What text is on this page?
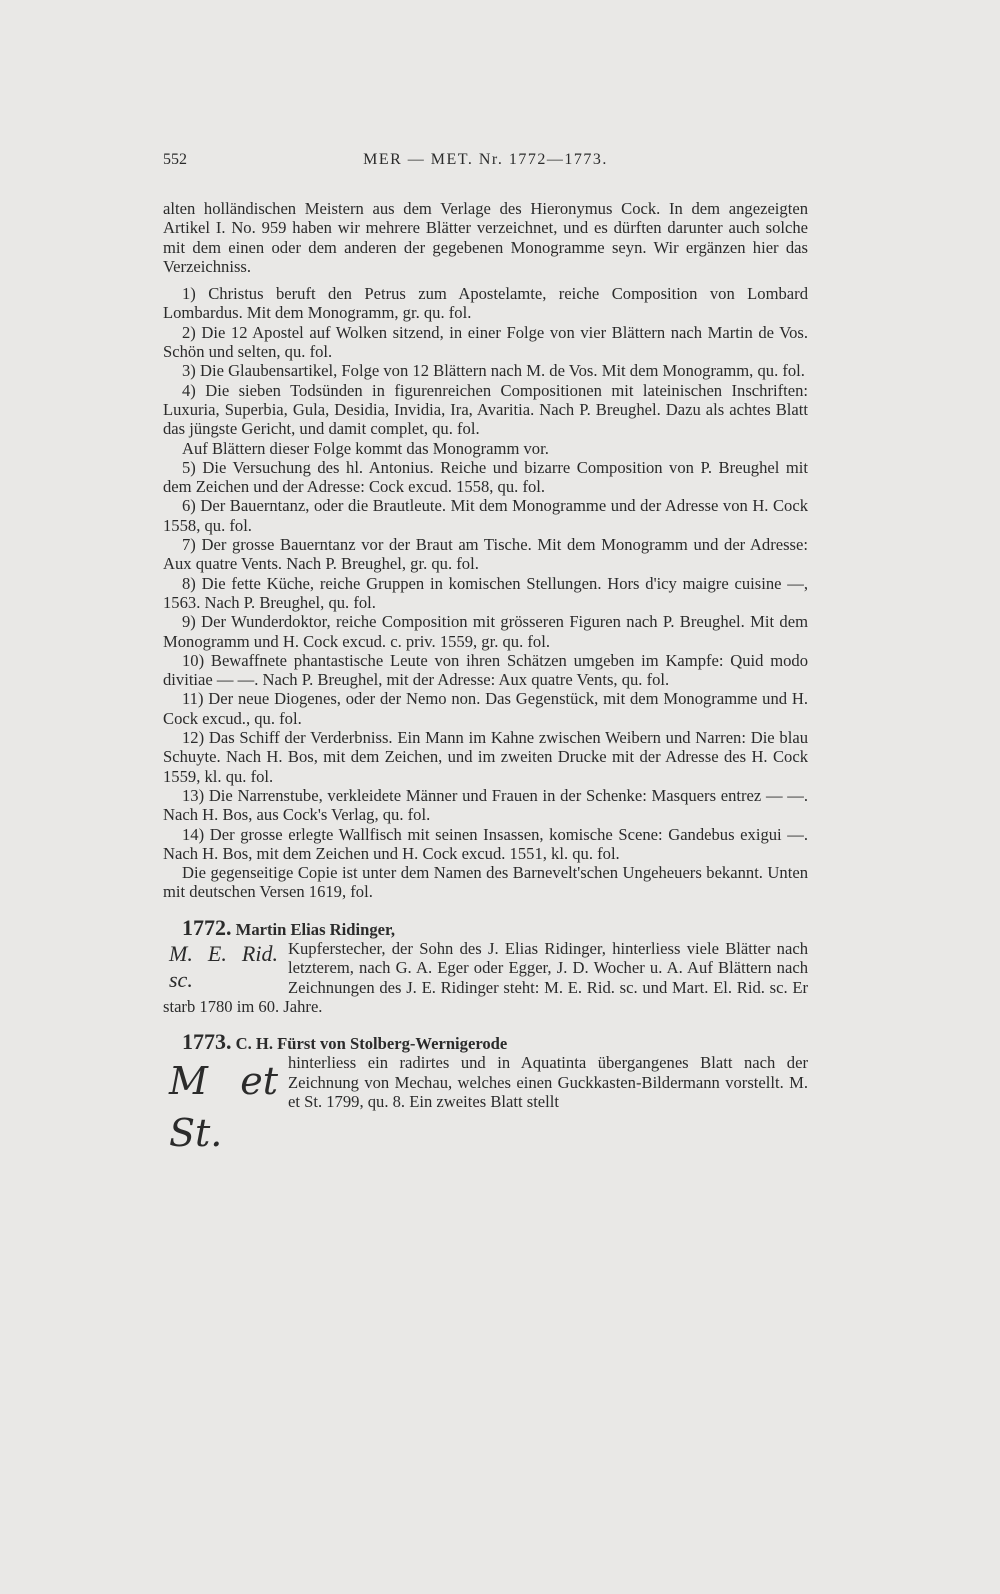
552	MER — MET. Nr. 1772—1773.

alten holländischen Meistern aus dem Verlage des Hieronymus Cock. In dem angezeigten Artikel I. No. 959 haben wir mehrere Blätter verzeichnet, und es dürften darunter auch solche mit dem einen oder dem anderen der gegebenen Monogramme seyn. Wir ergänzen hier das Verzeichniss.

1) Christus beruft den Petrus zum Apostelamte, reiche Composition von Lombard Lombardus. Mit dem Monogramm, gr. qu. fol.

2) Die 12 Apostel auf Wolken sitzend, in einer Folge von vier Blättern nach Martin de Vos. Schön und selten, qu. fol.

3) Die Glaubensartikel, Folge von 12 Blättern nach M. de Vos. Mit dem Monogramm, qu. fol.

4) Die sieben Todsünden in figurenreichen Compositionen mit lateinischen Inschriften: Luxuria, Superbia, Gula, Desidia, Invidia, Ira, Avaritia. Nach P. Breughel. Dazu als achtes Blatt das jüngste Gericht, und damit complet, qu. fol.

Auf Blättern dieser Folge kommt das Monogramm vor.

5) Die Versuchung des hl. Antonius. Reiche und bizarre Composition von P. Breughel mit dem Zeichen und der Adresse: Cock excud. 1558, qu. fol.

6) Der Bauerntanz, oder die Brautleute. Mit dem Monogramme und der Adresse von H. Cock 1558, qu. fol.

7) Der grosse Bauerntanz vor der Braut am Tische. Mit dem Monogramm und der Adresse: Aux quatre Vents. Nach P. Breughel, gr. qu. fol.

8) Die fette Küche, reiche Gruppen in komischen Stellungen. Hors d'icy maigre cuisine —, 1563. Nach P. Breughel, qu. fol.

9) Der Wunderdoktor, reiche Composition mit grösseren Figuren nach P. Breughel. Mit dem Monogramm und H. Cock excud. c. priv. 1559, gr. qu. fol.

10) Bewaffnete phantastische Leute von ihren Schätzen umgeben im Kampfe: Quid modo divitiae — —. Nach P. Breughel, mit der Adresse: Aux quatre Vents, qu. fol.

11) Der neue Diogenes, oder der Nemo non. Das Gegenstück, mit dem Monogramme und H. Cock excud., qu. fol.

12) Das Schiff der Verderbniss. Ein Mann im Kahne zwischen Weibern und Narren: Die blau Schuyte. Nach H. Bos, mit dem Zeichen, und im zweiten Drucke mit der Adresse des H. Cock 1559, kl. qu. fol.

13) Die Narrenstube, verkleidete Männer und Frauen in der Schenke: Masquers entrez — —. Nach H. Bos, aus Cock's Verlag, qu. fol.

14) Der grosse erlegte Wallfisch mit seinen Insassen, komische Scene: Gandebus exigui —. Nach H. Bos, mit dem Zeichen und H. Cock excud. 1551, kl. qu. fol.

Die gegenseitige Copie ist unter dem Namen des Barnevelt'schen Ungeheuers bekannt. Unten mit deutschen Versen 1619, fol.

1772. Martin Elias Ridinger,

M. E. Rid. sc.

Kupferstecher, der Sohn des J. Elias Ridinger, hinterliess viele Blätter nach letzterem, nach G. A. Eger oder Egger, J. D. Wocher u. A. Auf Blättern nach Zeichnungen des J. E. Ridinger steht: M. E. Rid. sc. und Mart. El. Rid. sc. Er starb 1780 im 60. Jahre.

1773. C. H. Fürst von Stolberg-Wernigerode

M et St.

hinterliess ein radirtes und in Aquatinta übergangenes Blatt nach der Zeichnung von Mechau, welches einen Guckkasten-Bildermann vorstellt. M. et St. 1799, qu. 8. Ein zweites Blatt stellt
